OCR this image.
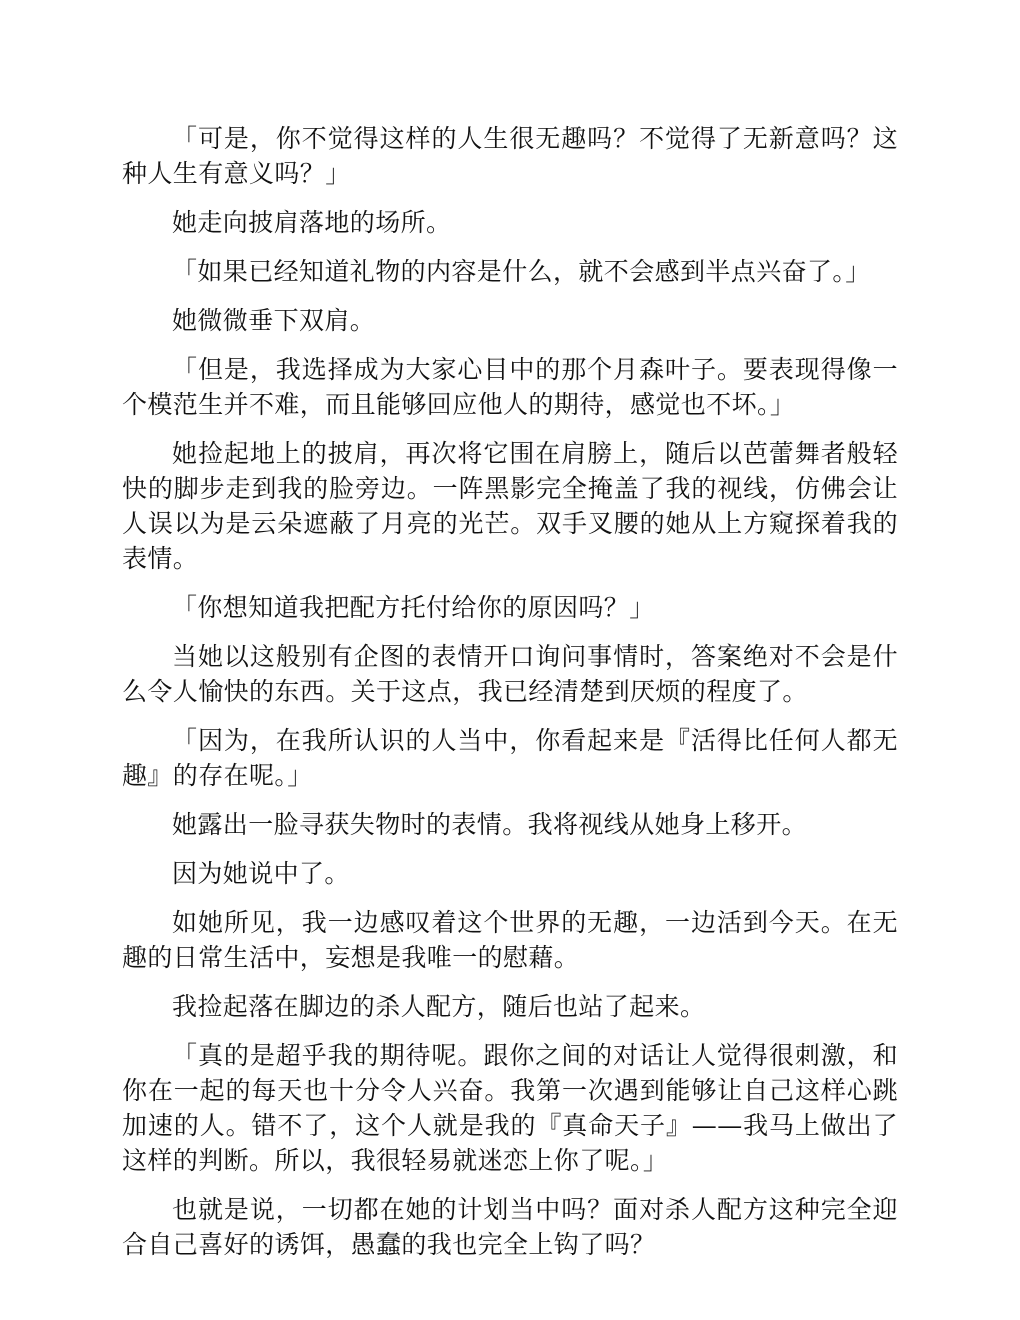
「可是，你不觉得这样的人生很无趣吗？不觉得了无新意吗？这种人生有意义吗？」

她走向披肩落地的场所。

「如果已经知道礼物的内容是什么，就不会感到半点兴奋了。」

她微微垂下双肩。

「但是，我选择成为大家心目中的那个月森叶子。要表现得像一个模范生并不难，而且能够回应他人的期待，感觉也不坏。」

她捡起地上的披肩，再次将它围在肩膀上，随后以芭蕾舞者般轻快的脚步走到我的脸旁边。一阵黑影完全掩盖了我的视线，仿佛会让人误以为是云朵遮蔽了月亮的光芒。双手叉腰的她从上方窥探着我的表情。

「你想知道我把配方托付给你的原因吗？」

当她以这般别有企图的表情开口询问事情时，答案绝对不会是什么令人愉快的东西。关于这点，我已经清楚到厌烦的程度了。

「因为，在我所认识的人当中，你看起来是『活得比任何人都无趣』的存在呢。」

她露出一脸寻获失物时的表情。我将视线从她身上移开。

因为她说中了。

如她所见，我一边感叹着这个世界的无趣，一边活到今天。在无趣的日常生活中，妄想是我唯一的慰藉。

我捡起落在脚边的杀人配方，随后也站了起来。

「真的是超乎我的期待呢。跟你之间的对话让人觉得很刺激，和你在一起的每天也十分令人兴奋。我第一次遇到能够让自己这样心跳加速的人。错不了，这个人就是我的『真命天子』——我马上做出了这样的判断。所以，我很轻易就迷恋上你了呢。」

也就是说，一切都在她的计划当中吗？面对杀人配方这种完全迎合自己喜好的诱饵，愚蠢的我也完全上钩了吗？
